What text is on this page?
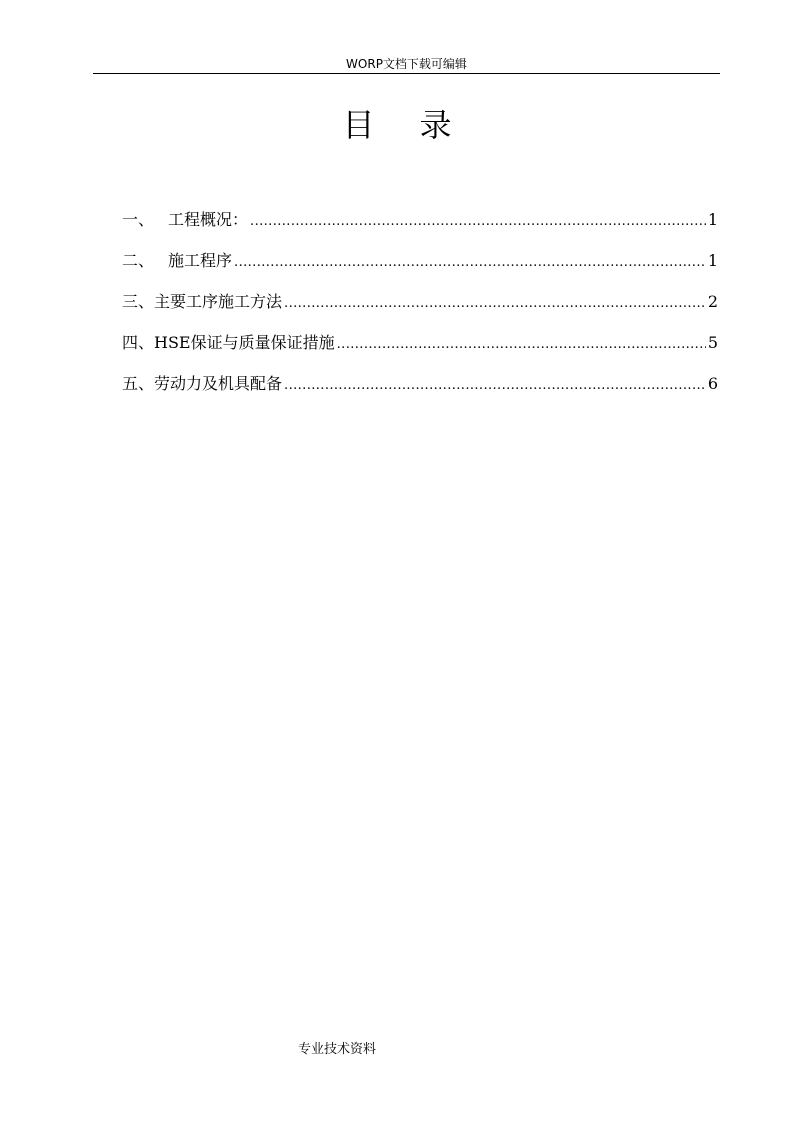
WORP文档下载可编辑
目录
一、 工程概况： .....	1
二、 施工程序 .....	1
三、 主要工序施工方法 .....	2
四、 HSE保证与质量保证措施 .....	5
五、 劳动力及机具配备 .....	6
专业技术资料
